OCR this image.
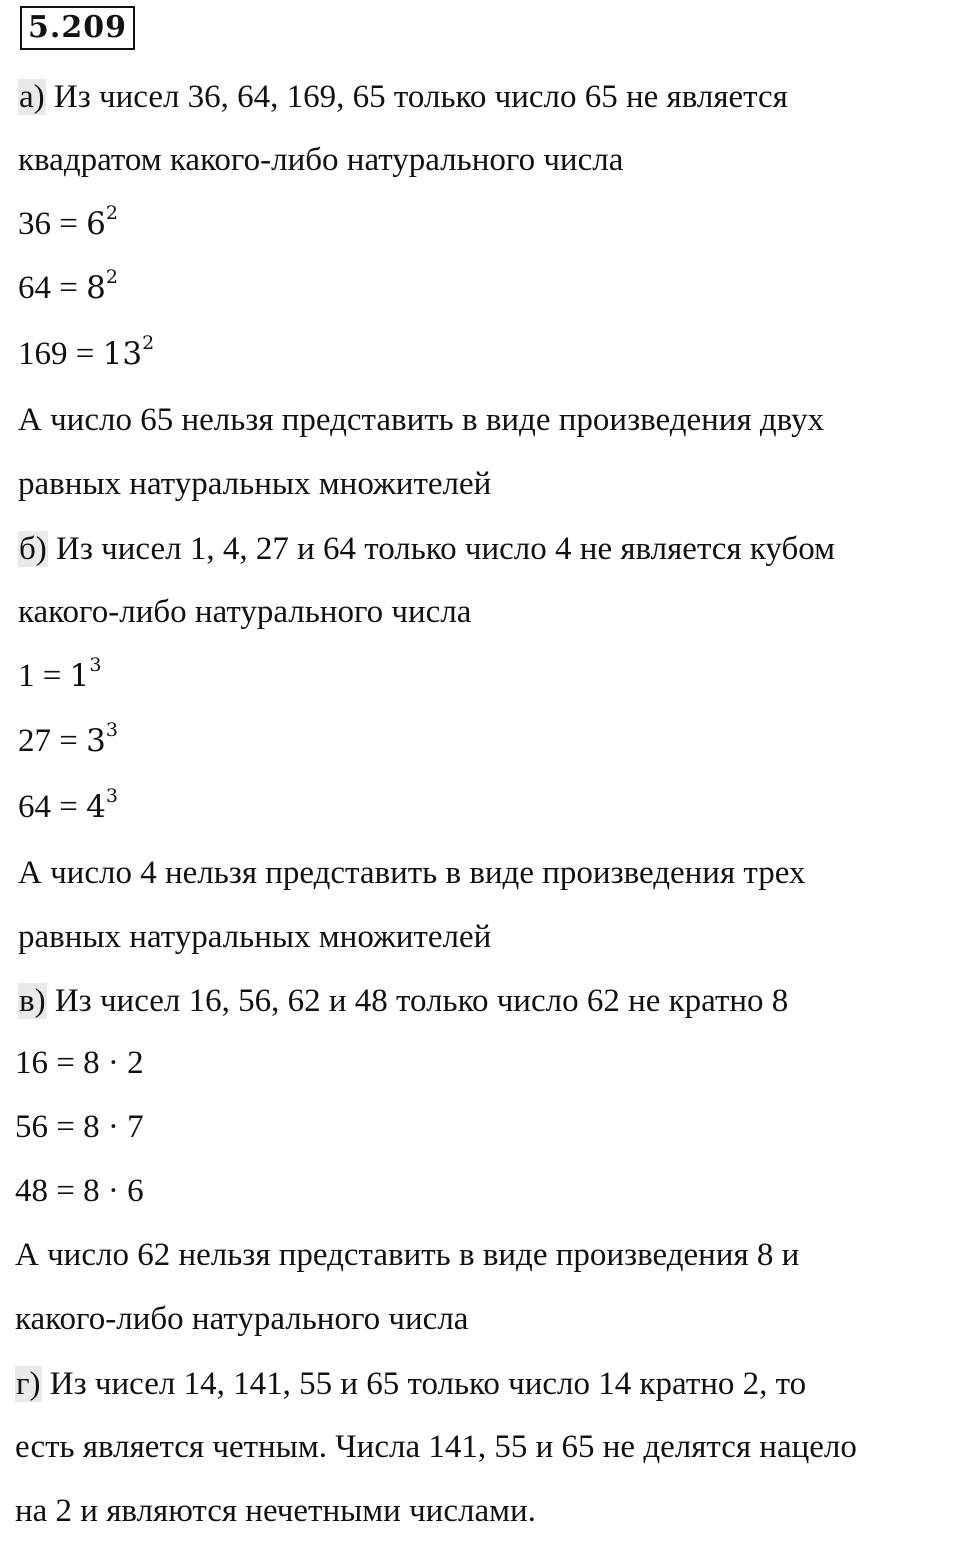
5.209
а) Из чисел 36, 64, 169, 65 только число 65 не является
квадратом какого-либо натурального числа
$36 = 6^2$
$64 = 8^2$
$169 = 13^2$
А число 65 нельзя представить в виде произведения двух
равных натуральных множителей
б) Из чисел 1, 4, 27 и 64 только число 4 не является кубом
какого-либо натурального числа
$1 = 1^3$
$27 = 3^3$
$64 = 4^3$
А число 4 нельзя представить в виде произведения трех
равных натуральных множителей
в) Из чисел 16, 56, 62 и 48 только число 62 не кратно 8
16 = 8 · 2
56 = 8 · 7
48 = 8 · 6
А число 62 нельзя представить в виде произведения 8 и
какого-либо натурального числа
г) Из чисел 14, 141, 55 и 65 только число 14 кратно 2, то
есть является четным. Числа 141, 55 и 65 не делятся нацело
на 2 и являются нечетными числами.
